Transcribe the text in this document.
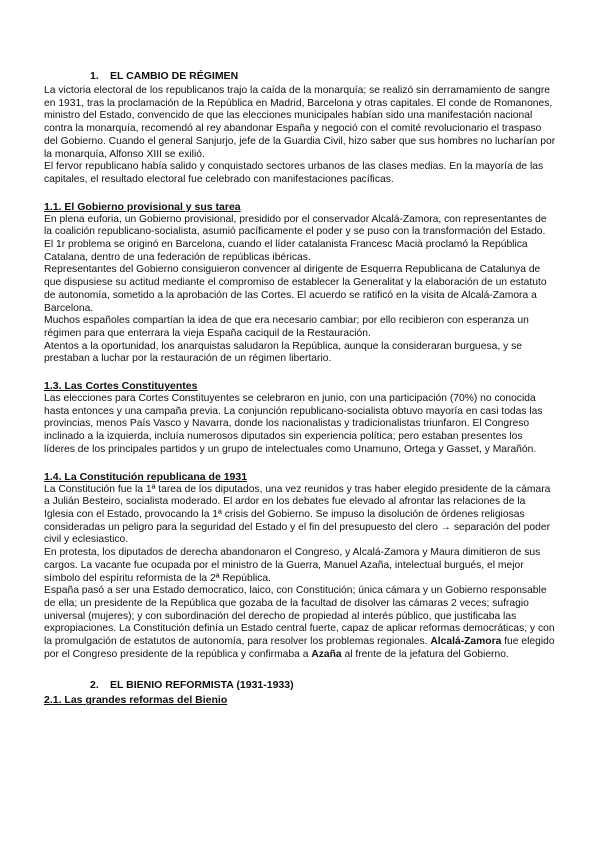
1. EL CAMBIO DE RÉGIMEN

La victoria electoral de los republicanos trajo la caída de la monarquía; se realizó sin derramamiento de sangre en 1931, tras la proclamación de la República en Madrid, Barcelona y otras capitales. El conde de Romanones, ministro del Estado, convencido de que las elecciones municipales habían sido una manifestación nacional contra la monarquía, recomendó al rey abandonar España y negoció con el comité revolucionario el traspaso del Gobierno. Cuando el general Sanjurjo, jefe de la Guardia Civil, hizo saber que sus hombres no lucharían por la monarquía, Alfonso XIII se exilió.

El fervor republicano había salido y conquistado sectores urbanos de las clases medias. En la mayoría de las capitales, el resultado electoral fue celebrado con manifestaciones pacíficas.

1.1. El Gobierno provisional y sus tarea

En plena euforia, un Gobierno provisional, presidido por el conservador Alcalá-Zamora, con representantes de la coalición republicano-socialista, asumió pacíficamente el poder y se puso con la transformación del Estado.

El 1r problema se originó en Barcelona, cuando el líder catalanista Francesc Macià proclamó la República Catalana, dentro de una federación de repúblicas ibéricas.

Representantes del Gobierno consiguieron convencer al dirigente de Esquerra Republicana de Catalunya de que dispusiese su actitud mediante el compromiso de establecer la Generalitat y la elaboración de un estatuto de autonomía, sometido a la aprobación de las Cortes. El acuerdo se ratificó en la visita de Alcalá-Zamora a Barcelona.

Muchos españoles compartían la idea de que era necesario cambiar; por ello recibieron con esperanza un régimen para que enterrara la vieja España caciquil de la Restauración.

Atentos a la oportunidad, los anarquistas saludaron la República, aunque la consideraran burguesa, y se prestaban a luchar por la restauración de un régimen libertario.

1.3. Las Cortes Constituyentes

Las elecciones para Cortes Constituyentes se celebraron en junio, con una participación (70%) no conocida hasta entonces y una campaña previa. La conjunción republicano-socialista obtuvo mayoría en casi todas las provincias, menos País Vasco y Navarra, donde los nacionalistas y tradicionalistas triunfaron. El Congreso inclinado a la izquierda, incluía numerosos diputados sin experiencia política; pero estaban presentes los líderes de los principales partidos y un grupo de intelectuales como Unamuno, Ortega y Gasset, y Marañón.

1.4. La Constitución republicana de 1931

La Constitución fue la 1ª tarea de los diputados, una vez reunidos y tras haber elegido presidente de la cámara a Julián Besteiro, socialista moderado. El ardor en los debates fue elevado al afrontar las relaciones de la Iglesia con el Estado, provocando la 1ª crisis del Gobierno. Se impuso la disolución de órdenes religiosas consideradas un peligro para la seguridad del Estado y el fin del presupuesto del clero → separación del poder civil y eclesiastico.

En protesta, los diputados de derecha abandonaron el Congreso, y Alcalá-Zamora y Maura dimitieron de sus cargos. La vacante fue ocupada por el ministro de la Guerra, Manuel Azaña, intelectual burgués, el mejor símbolo del espíritu reformista de la 2ª República.

España pasó a ser una Estado democratico, laico, con Constitución; única cámara y un Gobierno responsable de ella; un presidente de la República que gozaba de la facultad de disolver las cámaras 2 veces; sufragio universal (mujeres); y con subordinación del derecho de propiedad al interés público, que justificaba las expropiaciones. La Constitución definía un Estado central fuerte, capaz de aplicar reformas democráticas; y con la promulgación de estatutos de autonomía, para resolver los problemas regionales. Alcalá-Zamora fue elegido por el Congreso presidente de la república y confirmaba a Azaña al frente de la jefatura del Gobierno.

2. EL BIENIO REFORMISTA (1931-1933)
2.1. Las grandes reformas del Bienio
